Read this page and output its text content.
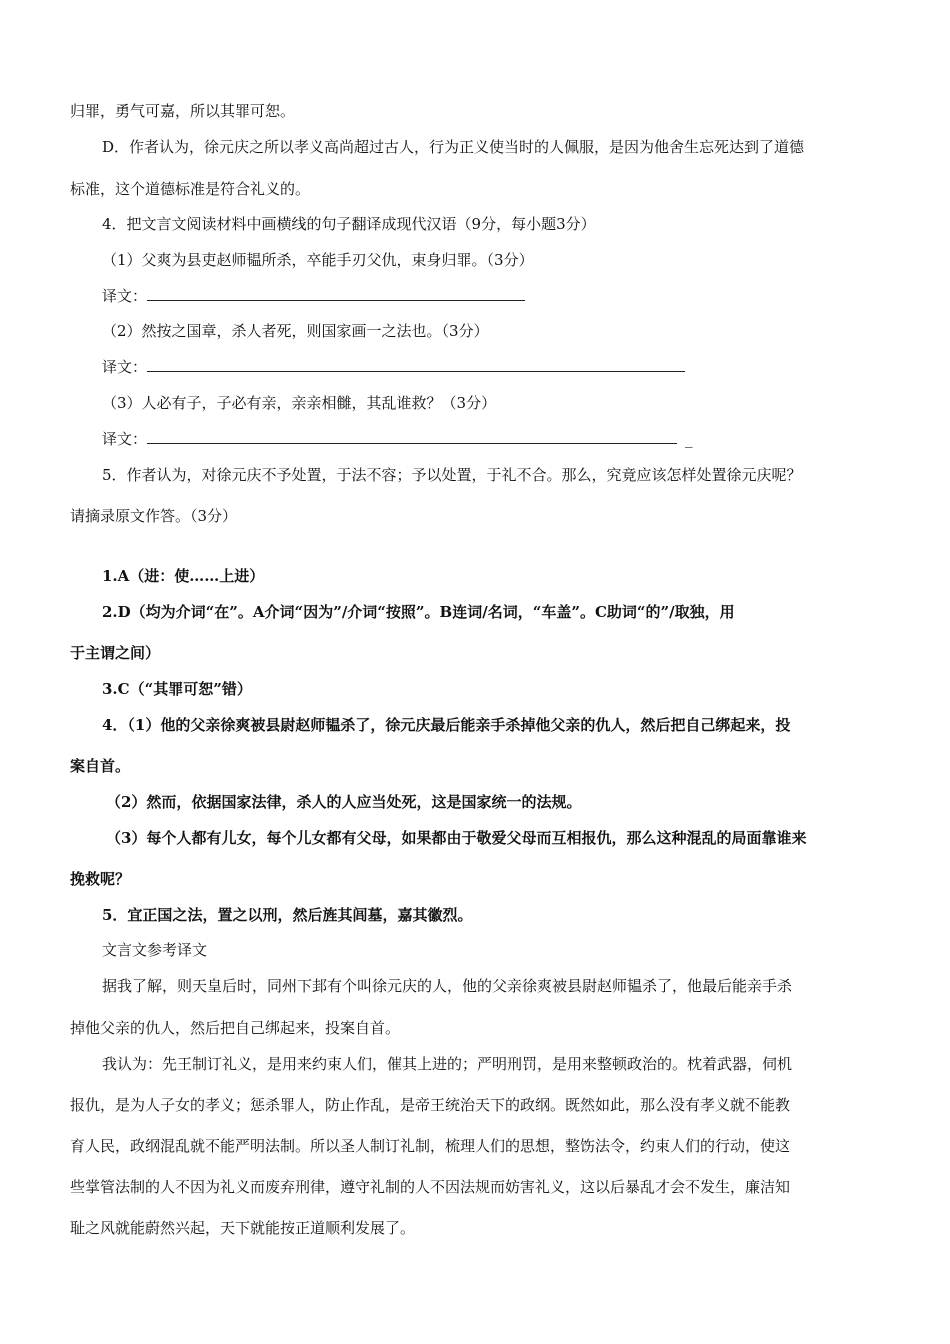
归罪，勇气可嘉，所以其罪可恕。
D．作者认为，徐元庆之所以孝义高尚超过古人，行为正义使当时的人佩服，是因为他舍生忘死达到了道德
标准，这个道德标准是符合礼义的。
4．把文言文阅读材料中画横线的句子翻译成现代汉语（9分，每小题3分）
（1）父爽为县吏赵师韫所杀，卒能手刃父仇，束身归罪。（3分）
译文：
（2）然按之国章，杀人者死，则国家画一之法也。（3分）
译文：
（3）人必有子，子必有亲，亲亲相雠，其乱谁救？（3分）
译文：	_
5．作者认为，对徐元庆不予处置，于法不容；予以处置，于礼不合。那么，究竟应该怎样处置徐元庆呢？
请摘录原文作答。（3分）
1.A（进：使……上进）
2.D（均为介词“在”。A介词“因为”/介词“按照”。B连词/名词，“车盖”。C助词“的”/取独，用
于主谓之间）
3.C（“其罪可恕”错）
4．（1）他的父亲徐爽被县尉赵师韫杀了，徐元庆最后能亲手杀掉他父亲的仇人，然后把自己绑起来，投
案自首。
（2）然而，依据国家法律，杀人的人应当处死，这是国家统一的法规。
（3）每个人都有儿女，每个儿女都有父母，如果都由于敬爱父母而互相报仇，那么这种混乱的局面靠谁来
挽救呢？
5．宜正国之法，置之以刑，然后旌其闾墓，嘉其徽烈。
文言文参考译文
据我了解，则天皇后时，同州下邽有个叫徐元庆的人，他的父亲徐爽被县尉赵师韫杀了，他最后能亲手杀
掉他父亲的仇人，然后把自己绑起来，投案自首。
我认为：先王制订礼义，是用来约束人们，催其上进的；严明刑罚，是用来整顿政治的。枕着武器，伺机
报仇，是为人子女的孝义；惩杀罪人，防止作乱，是帝王统治天下的政纲。既然如此，那么没有孝义就不能教
育人民，政纲混乱就不能严明法制。所以圣人制订礼制，梳理人们的思想，整饬法令，约束人们的行动，使这
些掌管法制的人不因为礼义而废弃刑律，遵守礼制的人不因法规而妨害礼义，这以后暴乱才会不发生，廉洁知
耻之风就能蔚然兴起，天下就能按正道顺利发展了。
